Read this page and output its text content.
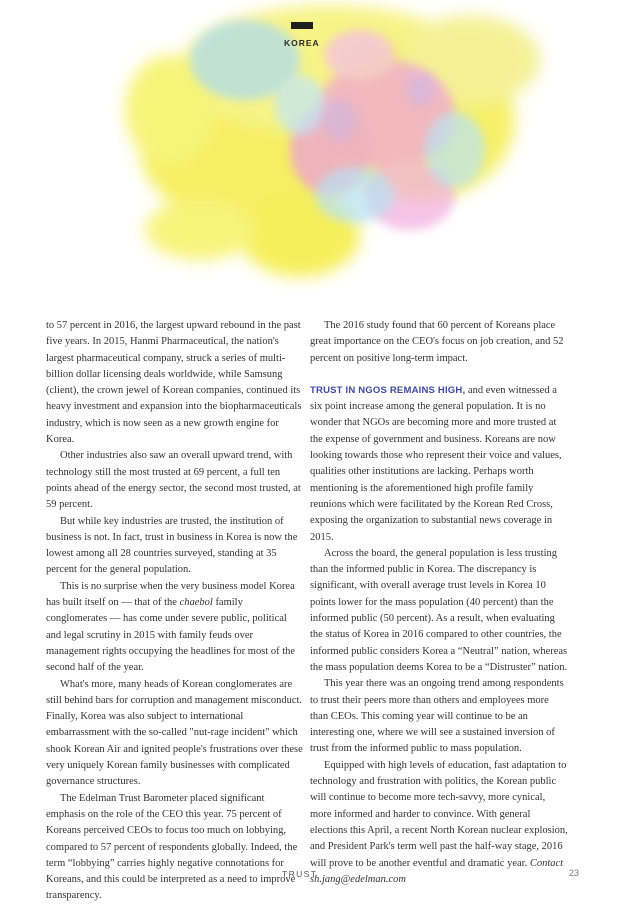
KOREA

to 57 percent in 2016, the largest upward rebound in the past five years. In 2015, Hanmi Pharmaceutical, the nation's largest pharmaceutical company, struck a series of multi-billion dollar licensing deals worldwide, while Samsung (client), the crown jewel of Korean companies, continued its heavy investment and expansion into the biopharmaceuticals industry, which is now seen as a new growth engine for Korea.

Other industries also saw an overall upward trend, with technology still the most trusted at 69 percent, a full ten points ahead of the energy sector, the second most trusted, at 59 percent.

But while key industries are trusted, the institution of business is not. In fact, trust in business in Korea is now the lowest among all 28 countries surveyed, standing at 35 percent for the general population.

This is no surprise when the very business model Korea has built itself on — that of the chaebol family conglomerates — has come under severe public, political and legal scrutiny in 2015 with family feuds over management rights occupying the headlines for most of the second half of the year.

What's more, many heads of Korean conglomerates are still behind bars for corruption and management misconduct. Finally, Korea was also subject to international embarrassment with the so-called "nut-rage incident" which shook Korean Air and ignited people's frustrations over these very uniquely Korean family businesses with complicated governance structures.

The Edelman Trust Barometer placed significant emphasis on the role of the CEO this year. 75 percent of Koreans perceived CEOs to focus too much on lobbying, compared to 57 percent of respondents globally. Indeed, the term “lobbying” carries highly negative connotations for Koreans, and this could be interpreted as a need to improve transparency.

The 2016 study found that 60 percent of Koreans place great importance on the CEO's focus on job creation, and 52 percent on positive long-term impact.

TRUST IN NGOS REMAINS HIGH, and even witnessed a six point increase among the general population. It is no wonder that NGOs are becoming more and more trusted at the expense of government and business. Koreans are now looking towards those who represent their voice and values, qualities other institutions are lacking. Perhaps worth mentioning is the aforementioned high profile family reunions which were facilitated by the Korean Red Cross, exposing the organization to substantial news coverage in 2015.

Across the board, the general population is less trusting than the informed public in Korea. The discrepancy is significant, with overall average trust levels in Korea 10 points lower for the mass population (40 percent) than the informed public (50 percent). As a result, when evaluating the status of Korea in 2016 compared to other countries, the informed public considers Korea a “Neutral” nation, whereas the mass population deems Korea to be a “Distruster” nation.

This year there was an ongoing trend among respondents to trust their peers more than others and employees more than CEOs. This coming year will continue to be an interesting one, where we will see a sustained inversion of trust from the informed public to mass population.

Equipped with high levels of education, fast adaptation to technology and frustration with politics, the Korean public will continue to become more tech-savvy, more cynical, more informed and harder to convince. With general elections this April, a recent North Korean nuclear explosion, and President Park's term well past the half-way stage, 2016 will prove to be another eventful and dramatic year. Contact sh.jang@edelman.com

TRUST	23
